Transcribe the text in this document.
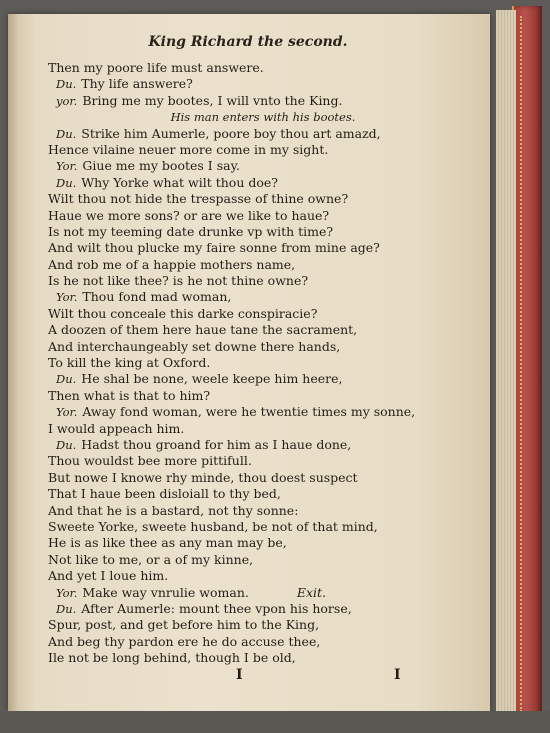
King Richard the second.
Then my poore life must answere.
Du. Thy life answere?
yor. Bring me my bootes, I will vnto the King.
His man enters with his bootes.
Du. Strike him Aumerle, poore boy thou art amazd,
Hence vilaine neuer more come in my sight.
Yor. Giue me my bootes I say.
Du. Why Yorke what wilt thou doe?
Wilt thou not hide the trespasse of thine owne?
Haue we more sons? or are we like to haue?
Is not my teeming date drunke vp with time?
And wilt thou plucke my faire sonne from mine age?
And rob me of a happie mothers name,
Is he not like thee? is he not thine owne?
Yor. Thou fond mad woman,
Wilt thou conceale this darke conspiracie?
A doozen of them here haue tane the sacrament,
And interchaungeably set downe there hands,
To kill the king at Oxford.
Du. He shal be none, weele keepe him heere,
Then what is that to him?
Yor. Away fond woman, were he twentie times my sonne,
I would appeach him.
Du. Hadst thou groand for him as I haue done,
Thou wouldst bee more pittifull.
But nowe I knowe rhy minde, thou doest suspect
That I haue been disloiall to thy bed,
And that he is a bastard, not thy sonne:
Sweete Yorke, sweete husband, be not of that mind,
He is as like thee as any man may be,
Not like to me, or a of my kinne,
And yet I loue him.
Yor. Make way vnrulie woman.	Exit.
Du. After Aumerle: mount thee vpon his horse,
Spur, post, and get before him to the King,
And beg thy pardon ere he do accuse thee,
Ile not be long behind, though I be old,
I	I
